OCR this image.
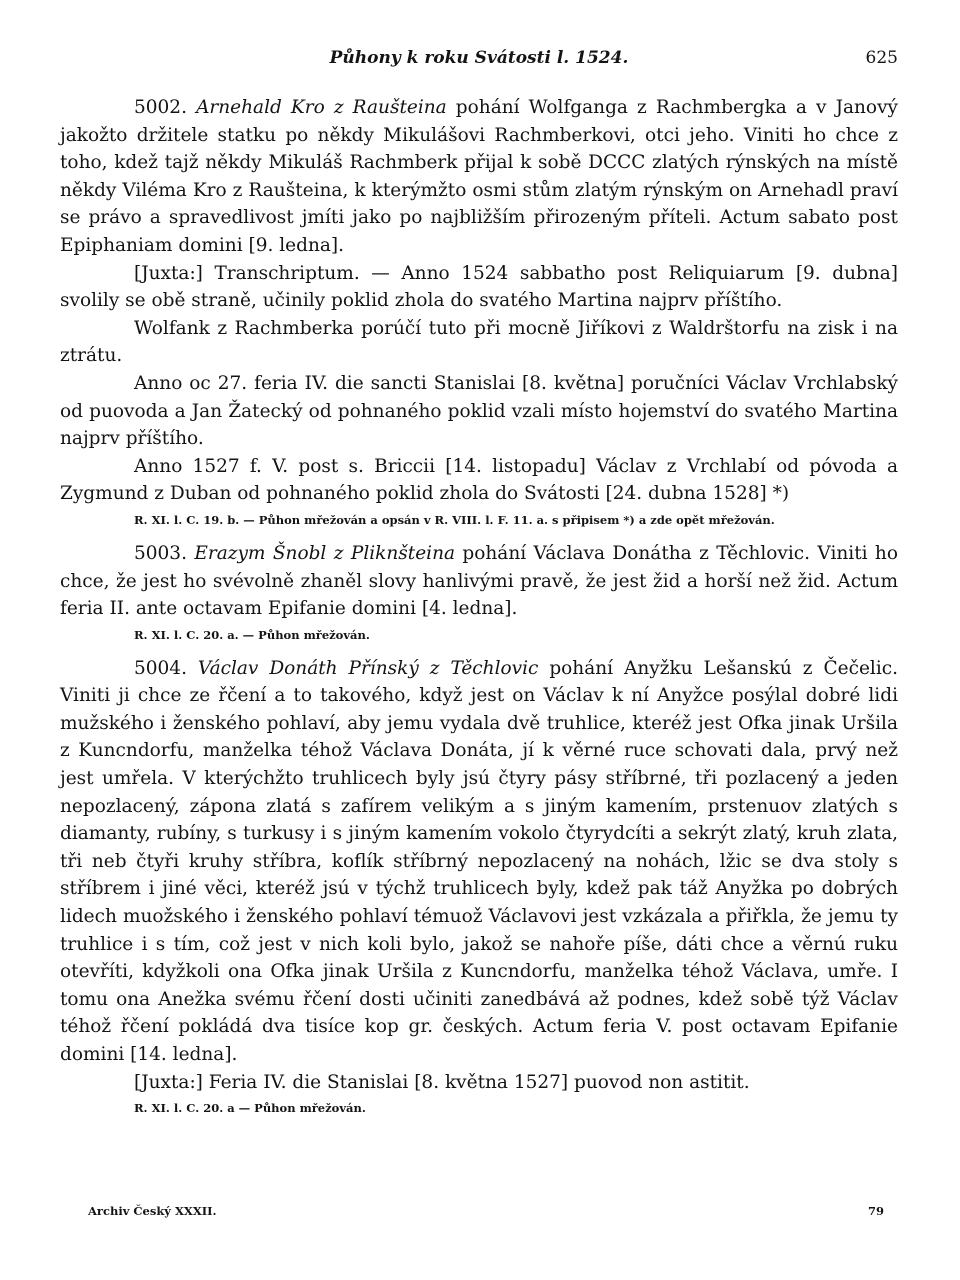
Půhony k roku Svátosti l. 1524.	625

5002. Arnehald Kro z Raušteina pohání Wolfganga z Rachmbergka a v Janový jakožto držitele statku po někdy Mikulášovi Rachmberkovi, otci jeho. Viniti ho chce z toho, kdež tajž někdy Mikuláš Rachmberk přijal k sobě DCCC zlatých rýnských na místě někdy Viléma Kro z Raušteina, k kterýmžto osmi stům zlatým rýnským on Arnehadl praví se právo a spravedlivost jmíti jako po najbližším přirozeným příteli. Actum sabato post Epiphaniam domini [9. ledna].

[Juxta:] Transchriptum. — Anno 1524 sabbatho post Reliquiarum [9. dubna] svolily se obě straně, učinily poklid zhola do svatého Martina najprv příštího.

Wolfank z Rachmberka porúčí tuto při mocně Jiříkovi z Waldrštorfu na zisk i na ztrátu.

Anno oc 27. feria IV. die sancti Stanislai [8. května] poručníci Václav Vrchlabský od puovoda a Jan Žatecký od pohnaného poklid vzali místo hojemství do svatého Martina najprv příštího.

Anno 1527 f. V. post s. Briccii [14. listopadu] Václav z Vrchlabí od póvoda a Zygmund z Duban od pohnaného poklid zhola do Svátosti [24. dubna 1528] *)

R. XI. l. C. 19. b. — Půhon mřežován a opsán v R. VIII. l. F. 11. a. s připisem *) a zde opět mřežován.

5003. Erazym Šnobl z Pliknšteina pohání Václava Donátha z Těchlovic. Viniti ho chce, že jest ho svévolně zhaněl slovy hanlivými pravě, že jest žid a horší než žid. Actum feria II. ante octavam Epifanie domini [4. ledna].

R. XI. l. C. 20. a. — Půhon mřežován.

5004. Václav Donáth Přínský z Těchlovic pohání Anyžku Lešanskú z Čečelic. Viniti ji chce ze řčení a to takového, když jest on Václav k ní Anyžce posýlal dobré lidi mužského i ženského pohlaví, aby jemu vydala dvě truhlice, kteréž jest Ofka jinak Uršila z Kuncndorfu, manželka téhož Václava Donáta, jí k věrné ruce schovati dala, prvý než jest umřela. V kterýchžto truhlicech byly jsú čtyry pásy stříbrné, tři pozlacený a jeden nepozlacený, zápona zlatá s zafírem velikým a s jiným kamením, prstenuov zlatých s diamanty, rubíny, s turkusy i s jiným kamením vokolo čtyrydcíti a sekrýt zlatý, kruh zlata, tři neb čtyři kruhy stříbra, koflík stříbrný nepozlacený na nohách, lžic se dva stoly s stříbrem i jiné věci, kteréž jsú v týchž truhlicech byly, kdež pak táž Anyžka po dobrých lidech muožského i ženského pohlaví témuož Václavovi jest vzkázala a přiřkla, že jemu ty truhlice i s tím, což jest v nich koli bylo, jakož se nahoře píše, dáti chce a věrnú ruku otevříti, kdyžkoli ona Ofka jinak Uršila z Kuncndorfu, manželka téhož Václava, umře. I tomu ona Anežka svému řčení dosti učiniti zanedbává až podnes, kdež sobě týž Václav téhož řčení pokládá dva tisíce kop gr. českých. Actum feria V. post octavam Epifanie domini [14. ledna].

[Juxta:] Feria IV. die Stanislai [8. května 1527] puovod non astitit.

R. XI. l. C. 20. a — Půhon mřežován.
Archiv Český XXXII.	79
